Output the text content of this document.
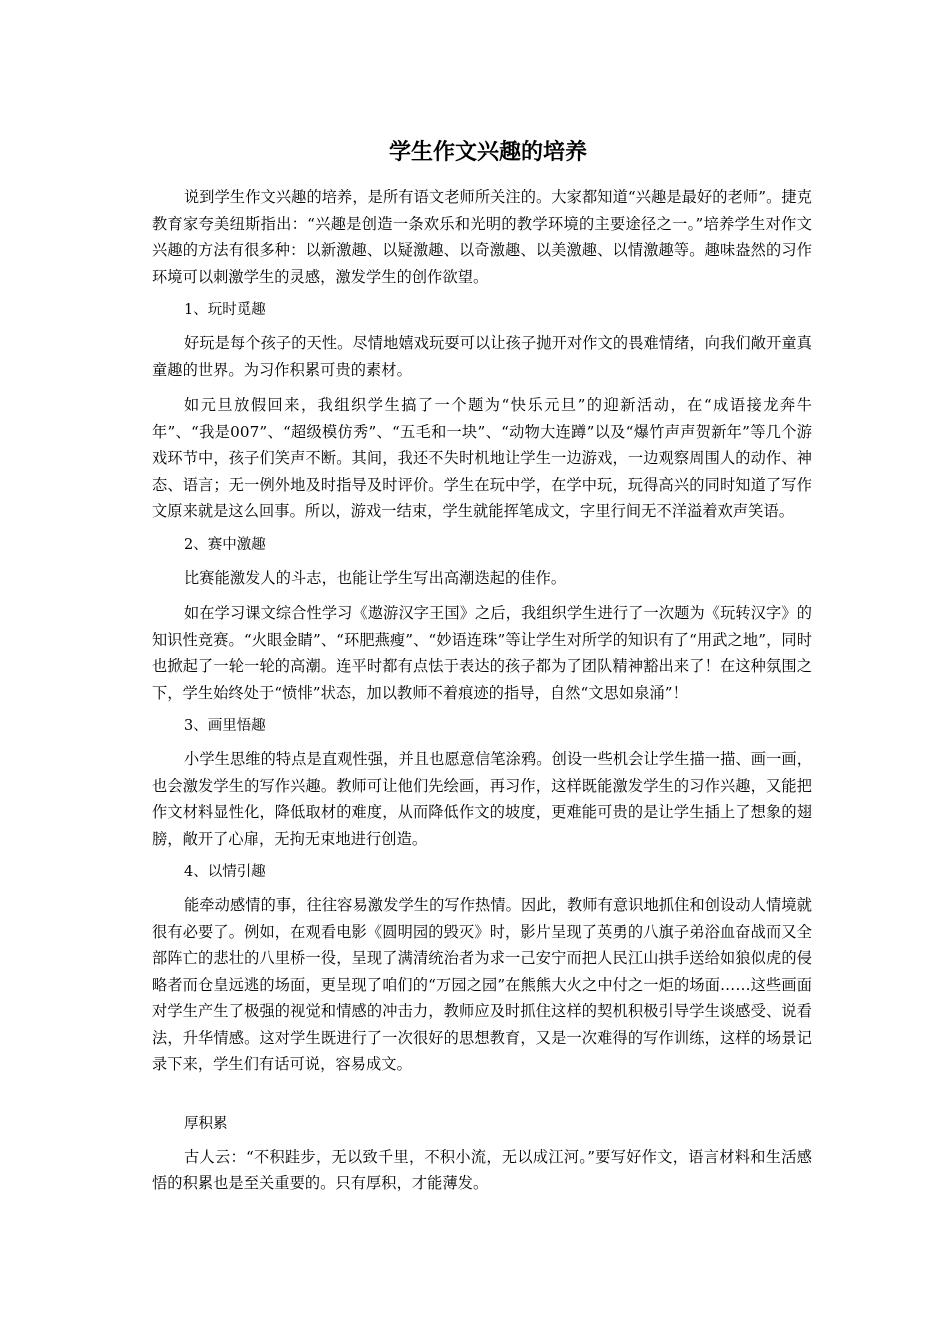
学生作文兴趣的培养
说到学生作文兴趣的培养，是所有语文老师所关注的。大家都知道“兴趣是最好的老师”。捷克教育家夸美纽斯指出：“兴趣是创造一条欢乐和光明的教学环境的主要途径之一。”培养学生对作文兴趣的方法有很多种：以新激趣、以疑激趣、以奇激趣、以美激趣、以情激趣等。趣味盎然的习作环境可以刺激学生的灵感，激发学生的创作欲望。
1、玩时觅趣
好玩是每个孩子的天性。尽情地嬉戏玩耍可以让孩子抛开对作文的畏难情绪，向我们敞开童真童趣的世界。为习作积累可贵的素材。
如元旦放假回来，我组织学生搞了一个题为“快乐元旦”的迎新活动，在“成语接龙奔牛年”、“我是007”、“超级模仿秀”、“五毛和一块”、“动物大连蹲”以及“爆竹声声贺新年”等几个游戏环节中，孩子们笑声不断。其间，我还不失时机地让学生一边游戏，一边观察周围人的动作、神态、语言；无一例外地及时指导及时评价。学生在玩中学，在学中玩，玩得高兴的同时知道了写作文原来就是这么回事。所以，游戏一结束，学生就能挥笔成文，字里行间无不洋溢着欢声笑语。
2、赛中激趣
比赛能激发人的斗志，也能让学生写出高潮迭起的佳作。
如在学习课文综合性学习《遨游汉字王国》之后，我组织学生进行了一次题为《玩转汉字》的知识性竞赛。“火眼金睛”、“环肥燕瘦”、“妙语连珠”等让学生对所学的知识有了“用武之地”，同时也掀起了一轮一轮的高潮。连平时都有点怯于表达的孩子都为了团队精神豁出来了！在这种氛围之下，学生始终处于“愤悱”状态，加以教师不着痕迹的指导，自然“文思如泉涌”！
3、画里悟趣
小学生思维的特点是直观性强，并且也愿意信笔涂鸦。创设一些机会让学生描一描、画一画，也会激发学生的写作兴趣。教师可让他们先绘画，再习作，这样既能激发学生的习作兴趣，又能把作文材料显性化，降低取材的难度，从而降低作文的坡度，更难能可贵的是让学生插上了想象的翅膀，敞开了心扉，无拘无束地进行创造。
4、以情引趣
能牵动感情的事，往往容易激发学生的写作热情。因此，教师有意识地抓住和创设动人情境就很有必要了。例如，在观看电影《圆明园的毁灭》时，影片呈现了英勇的八旗子弟浴血奋战而又全部阵亡的悲壮的八里桥一役，呈现了满清统治者为求一己安宁而把人民江山拱手送给如狼似虎的侵略者而仓皇远逃的场面，更呈现了咱们的“万园之园”在熊熊大火之中付之一炬的场面……这些画面对学生产生了极强的视觉和情感的冲击力，教师应及时抓住这样的契机积极引导学生谈感受、说看法，升华情感。这对学生既进行了一次很好的思想教育，又是一次难得的写作训练，这样的场景记录下来，学生们有话可说，容易成文。
厚积累
古人云：“不积跬步，无以致千里，不积小流，无以成江河。”要写好作文，语言材料和生活感悟的积累也是至关重要的。只有厚积，才能薄发。
